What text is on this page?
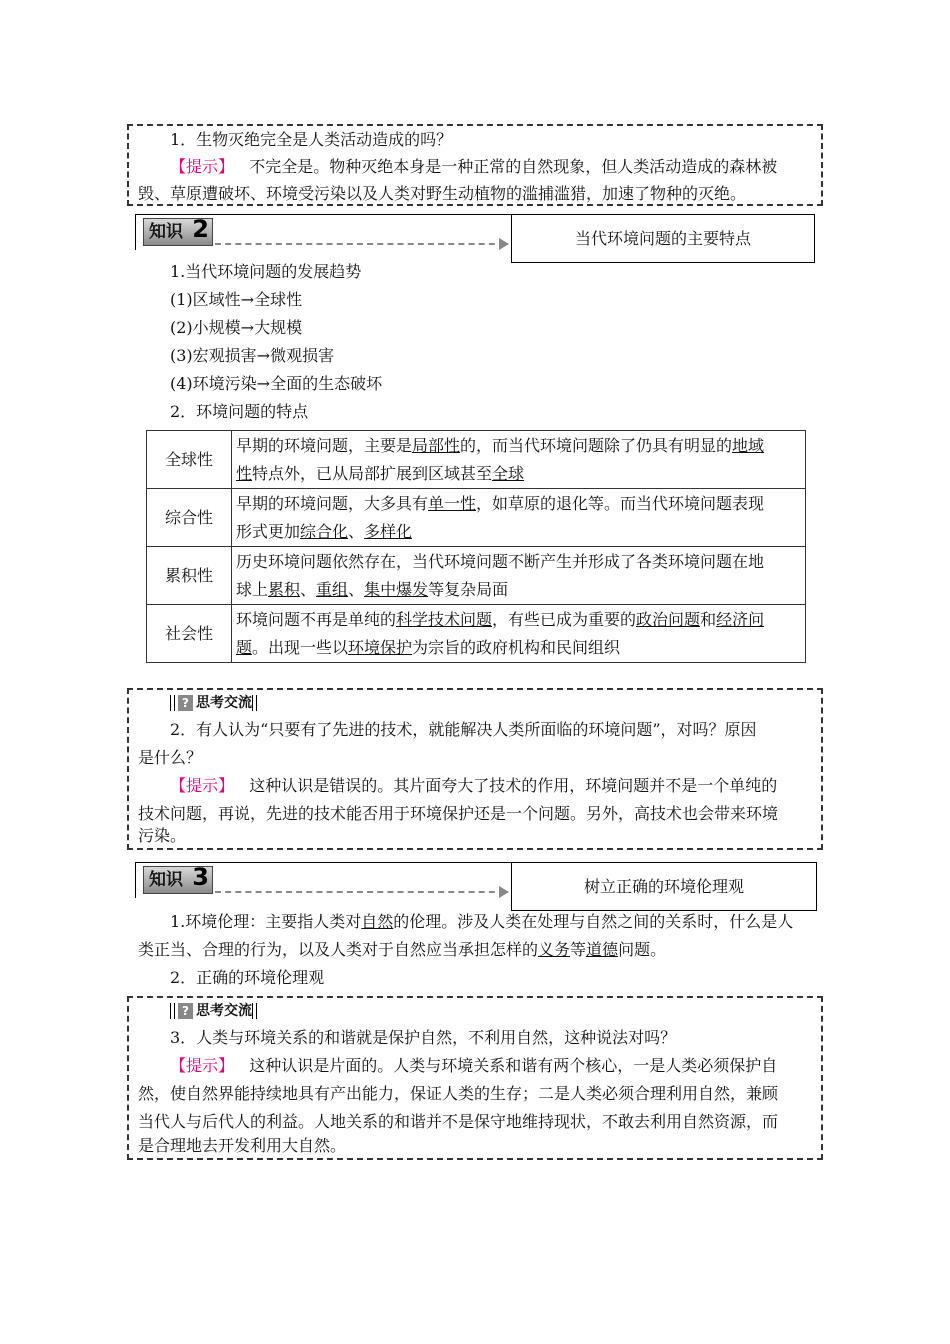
1．生物灭绝完全是人类活动造成的吗？
【提示】 不完全是。物种灭绝本身是一种正常的自然现象，但人类活动造成的森林被
毁、草原遭破坏、环境受污染以及人类对野生动植物的滥捕滥猎，加速了物种的灭绝。
知识 2	当代环境问题的主要特点
1.当代环境问题的发展趋势
(1)区域性→全球性
(2)小规模→大规模
(3)宏观损害→微观损害
(4)环境污染→全面的生态破坏
2．环境问题的特点
全球性	早期的环境问题，主要是局部性的，而当代环境问题除了仍具有明显的地域
性特点外，已从局部扩展到区域甚至全球
综合性	早期的环境问题，大多具有单一性，如草原的退化等。而当代环境问题表现
形式更加综合化、多样化
累积性	历史环境问题依然存在，当代环境问题不断产生并形成了各类环境问题在地
球上累积、重组、集中爆发等复杂局面
社会性	环境问题不再是单纯的科学技术问题，有些已成为重要的政治问题和经济问
题。出现一些以环境保护为宗旨的政府机构和民间组织
? 思考交流
2．有人认为“只要有了先进的技术，就能解决人类所面临的环境问题”，对吗？原因
是什么？
【提示】 这种认识是错误的。其片面夸大了技术的作用，环境问题并不是一个单纯的
技术问题，再说，先进的技术能否用于环境保护还是一个问题。另外，高技术也会带来环境
污染。
知识 3	树立正确的环境伦理观
1.环境伦理：主要指人类对自然的伦理。涉及人类在处理与自然之间的关系时，什么是人
类正当、合理的行为，以及人类对于自然应当承担怎样的义务等道德问题。
2．正确的环境伦理观
? 思考交流
3．人类与环境关系的和谐就是保护自然，不利用自然，这种说法对吗？
【提示】 这种认识是片面的。人类与环境关系和谐有两个核心，一是人类必须保护自
然，使自然界能持续地具有产出能力，保证人类的生存；二是人类必须合理利用自然，兼顾
当代人与后代人的利益。人地关系的和谐并不是保守地维持现状，不敢去利用自然资源，而
是合理地去开发利用大自然。
